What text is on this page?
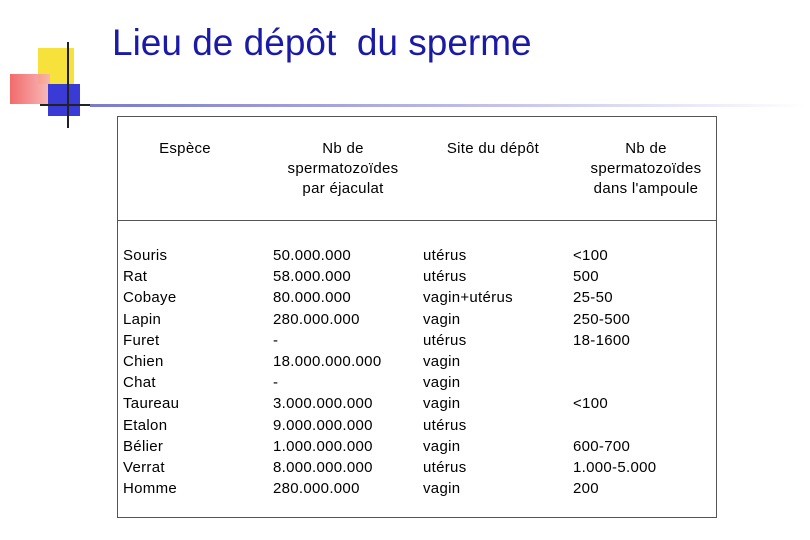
Lieu de dépôt  du sperme
Espèce	Nb de
spermatozoïdes
par éjaculat
Site du dépôt	Nb de
spermatozoïdes
dans l'ampoule
Souris
Rat
Cobaye
Lapin
Furet
Chien
Chat
Taureau
Etalon
Bélier
Verrat
Homme
50.000.000
58.000.000
80.000.000
280.000.000
-
18.000.000.000
-
3.000.000.000
9.000.000.000
1.000.000.000
8.000.000.000
280.000.000
utérus
utérus
vagin+utérus
vagin
utérus
vagin
vagin
vagin
utérus
vagin
utérus
vagin
<100
500
25-50
250-500
18-1600
<100
600-700
1.000-5.000
200
